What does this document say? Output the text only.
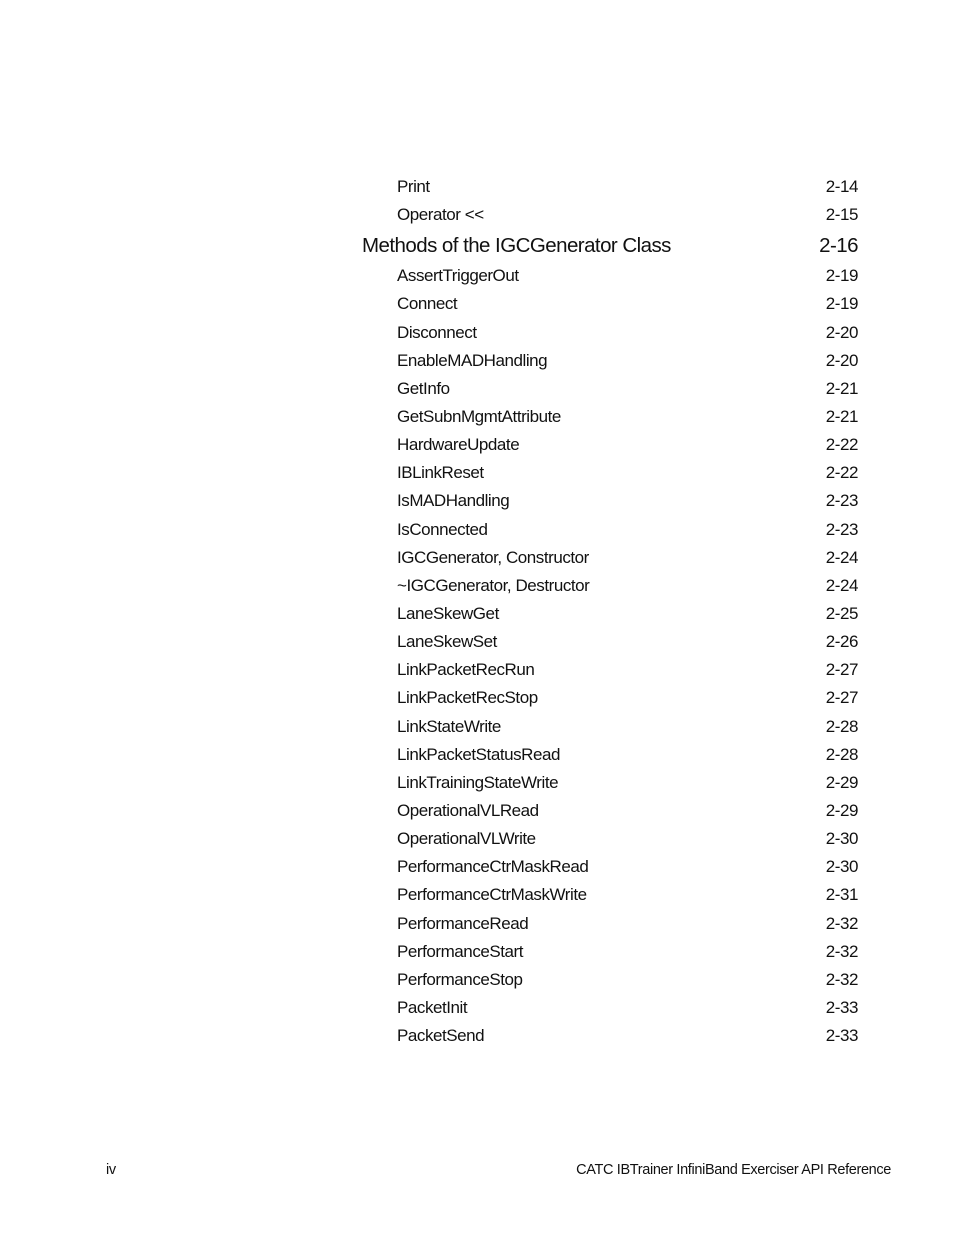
Print	2-14
Operator <<	2-15
Methods of the IGCGenerator Class	2-16
AssertTriggerOut	2-19
Connect	2-19
Disconnect	2-20
EnableMADHandling	2-20
GetInfo	2-21
GetSubnMgmtAttribute	2-21
HardwareUpdate	2-22
IBLinkReset	2-22
IsMADHandling	2-23
IsConnected	2-23
IGCGenerator, Constructor	2-24
~IGCGenerator, Destructor	2-24
LaneSkewGet	2-25
LaneSkewSet	2-26
LinkPacketRecRun	2-27
LinkPacketRecStop	2-27
LinkStateWrite	2-28
LinkPacketStatusRead	2-28
LinkTrainingStateWrite	2-29
OperationalVLRead	2-29
OperationalVLWrite	2-30
PerformanceCtrMaskRead	2-30
PerformanceCtrMaskWrite	2-31
PerformanceRead	2-32
PerformanceStart	2-32
PerformanceStop	2-32
PacketInit	2-33
PacketSend	2-33
iv	CATC IBTrainer InfiniBand Exerciser API Reference
